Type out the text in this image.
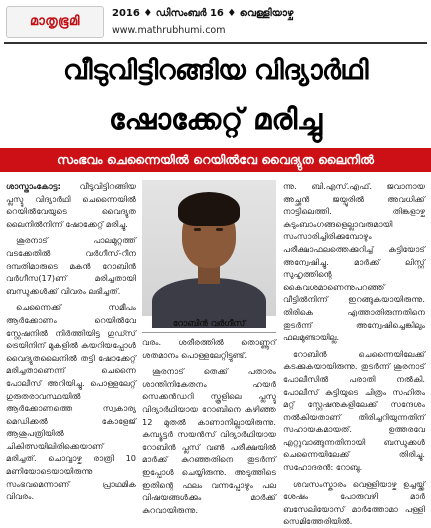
മാതൃഭൂമി
2016 ♦ ഡിസംബർ 16 ♦ വെള്ളിയാഴ്ച
www.mathrubhumi.com
വീടുവിട്ടിറങ്ങിയ വിദ്യാർഥി
ഷോക്കേറ്റ് മരിച്ചു
സംഭവം ചെന്നൈയിൽ റെയിൽവേ വൈദ്യുത ലൈനിൽ

ശാസ്താംകോട്ട: വീടുവിട്ടിറങ്ങിയ പ്ലസ്ടു വിദ്യാർഥി ചെന്നൈയിൽ റെയിൽവേയുടെ വൈദ്യുത ലൈനിൽനിന്ന് ഷോക്കേറ്റ് മരിച്ചു.

ശൂരനാട് പാലമുറ്റത്ത് വടക്കേതിൽ വർഗീസ്-റീന ദമ്പതിമാരുടെ മകൻ റോബിൻ വർഗീസ(17)ണ് മരിച്ചതായി ബന്ധുക്കൾക്ക് വിവരം ലഭിച്ചത്.

ചെന്നൈക്ക് സമീപം ആർക്കോണം റെയിൽവേ സ്റ്റേഷനിൽ നിർത്തിയിട്ട ഗുഡ്സ് ട്രെയിനിന് മുകളിൽ കയറിയപ്പോൾ വൈദ്യുതലൈനിൽ തട്ടി ഷോക്കേറ്റ് മരിച്ചതാണെന്ന് ചെന്നൈ പോലീസ് അറിയിച്ചു. പൊള്ളലേറ്റ് ഗുരുതരാവസ്ഥയിൽ ആർക്കോണത്തെ സ്വകാര്യ മെഡിക്കൽ കോളേജ് ആശുപത്രിയിൽ ചികിത്സയിലിരിക്കെയാണ് മരിച്ചത്. ചൊവ്വാഴ്ച രാത്രി 10 മണിയോടെയായിരുന്നു സംഭവമെന്നാണ് പ്രാഥമിക വിവരം.

റോബിൻ വർഗീസ്

വരം. ശരീരത്തിൽ തൊണ്ണൂറ് ശതമാനം പൊള്ളലേറ്റിട്ടുണ്ട്.

ശൂരനാട് തെക്ക് പതാരം ശാന്തിനികേതനം ഹയർ സെക്കൻഡറി സ്കൂളിലെ പ്ലസ്ടു വിദ്യാർഥിയായ റോബിനെ കഴിഞ്ഞ 12 മുതൽ കാണാനില്ലായിരുന്നു. കമ്പ്യൂട്ടർ സയൻസ് വിദ്യാർഥിയായ റോബിൻ പ്ലസ് വൺ പരീക്ഷയിൽ മാർക്ക് കുറഞ്ഞതിനെ തുടർന്ന് ഇപ്പോൾ ചെയ്യിരുന്നു. അടുത്തിടെ ഇതിന്റെ ഫലം വന്നപ്പോഴും പല വിഷയങ്ങൾക്കും മാർക്ക് കുറവായിരുന്നു.

ന്നു. ബി.എസ്.എഫ്. ജവാനായ അച്ഛൻ ജയ്പൂരിൽ അവധിക്ക് നാട്ടിലെത്തി. തിങ്കളാഴ്ച കുടുംബാംഗങ്ങളെല്ലാവരുമായി സംസാരിച്ചിരിക്കുമ്പോഴും പരീക്ഷാഫലത്തെക്കുറിച്ച് കുട്ടിയോട് അന്വേഷിച്ചു. മാർക്ക് ലിസ്റ്റ് സുഹൃത്തിന്റെ കൈവശമാണെന്നുപറഞ്ഞ് വീട്ടിൽനിന്ന് ഇറങ്ങുകയായിരുന്നു. തിരികെ എത്താതിരുന്നതിനെ തുടർന്ന് അന്വേഷിച്ചെങ്കിലും ഫലമുണ്ടായില്ല.

റോബിൻ ചെന്നൈയിലേക്ക് കടക്കുകയായിരുന്നു. തുടർന്ന് ശൂരനാട് പോലീസിൽ പരാതി നൽകി. പോലീസ് കുട്ടിയുടെ ചിത്രം സഹിതം മറ്റ് സ്റ്റേഷനുകളിലേക്ക് സന്ദേശം നൽകിയതാണ് തിരിച്ചറിയുന്നതിന് സഹായകമായത്. ഉത്തരവേ എറ്റുവാങ്ങുന്നതിനായി ബന്ധുക്കൾ ചെന്നൈയിലേക്ക് തിരിച്ചു. സഹോദരൻ: റോബു.

ശവസംസ്കാരം വെള്ളിയാഴ്ച ഉച്ചയ്ക്ക് ശേഷം പോരുവഴി മാർ ബസേലിയോസ് മാർത്തോമാ പള്ളി സെമിത്തേരിയിൽ.
